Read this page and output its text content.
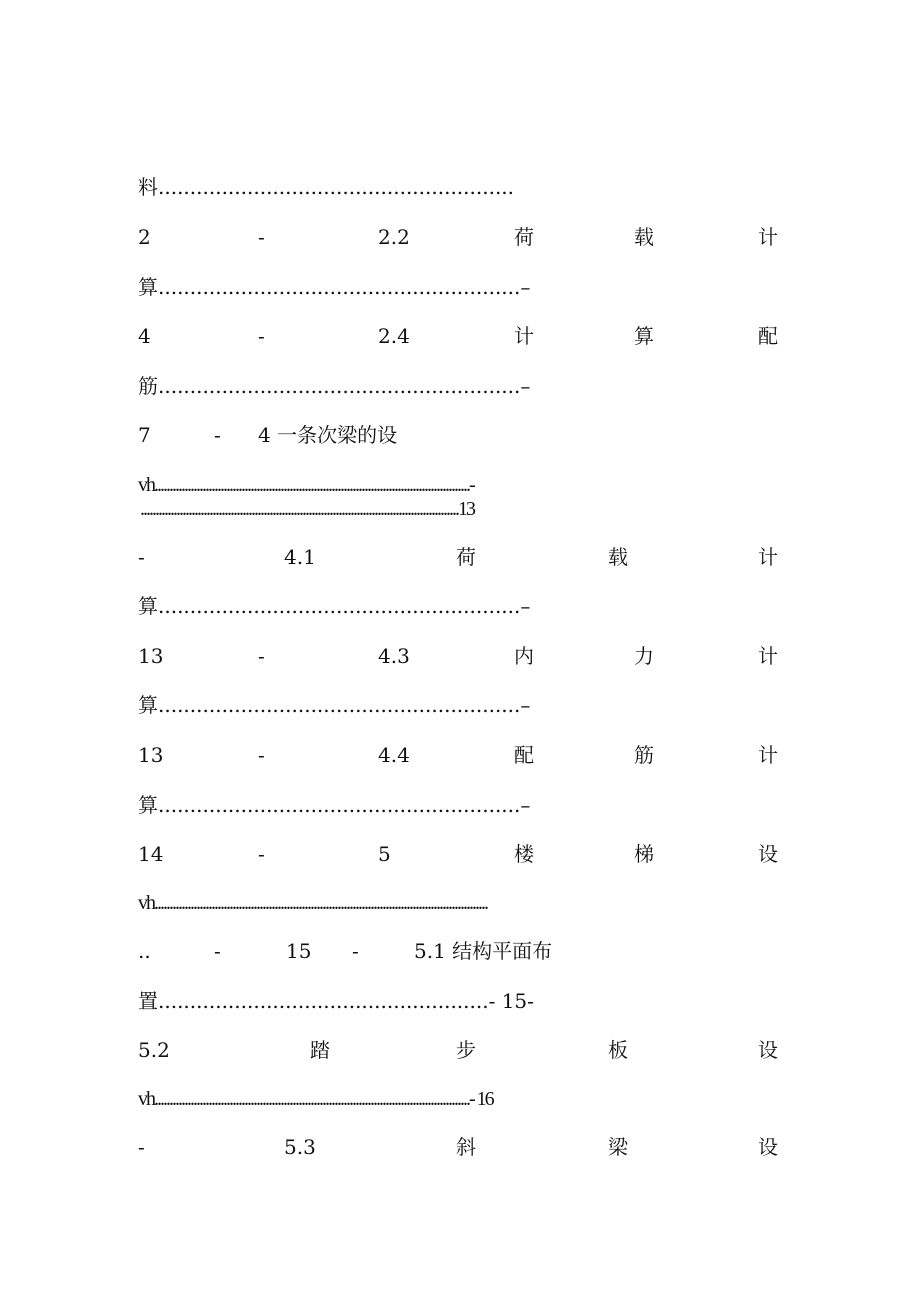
料........................................................
2	-	2.2	荷	载	计
算.........................................................–
4	-	2.4	计	算	配
筋.........................................................–
7	- 4 一条次梁的设
vh.........................................................................................................-
..........................................................................................................13
-	4.1	荷	载	计
算.........................................................–
13	-	4.3	内	力	计
算.........................................................–
13	-	4.4	配	筋	计
算.........................................................–
14	-	5	楼	梯	设
vh...............................................................................................................
..	-	15 -	5.1 结构平面布
置....................................................- 15-
5.2	踏	步	板	设
vh.........................................................................................................- 16
-	5.3	斜	梁	设
